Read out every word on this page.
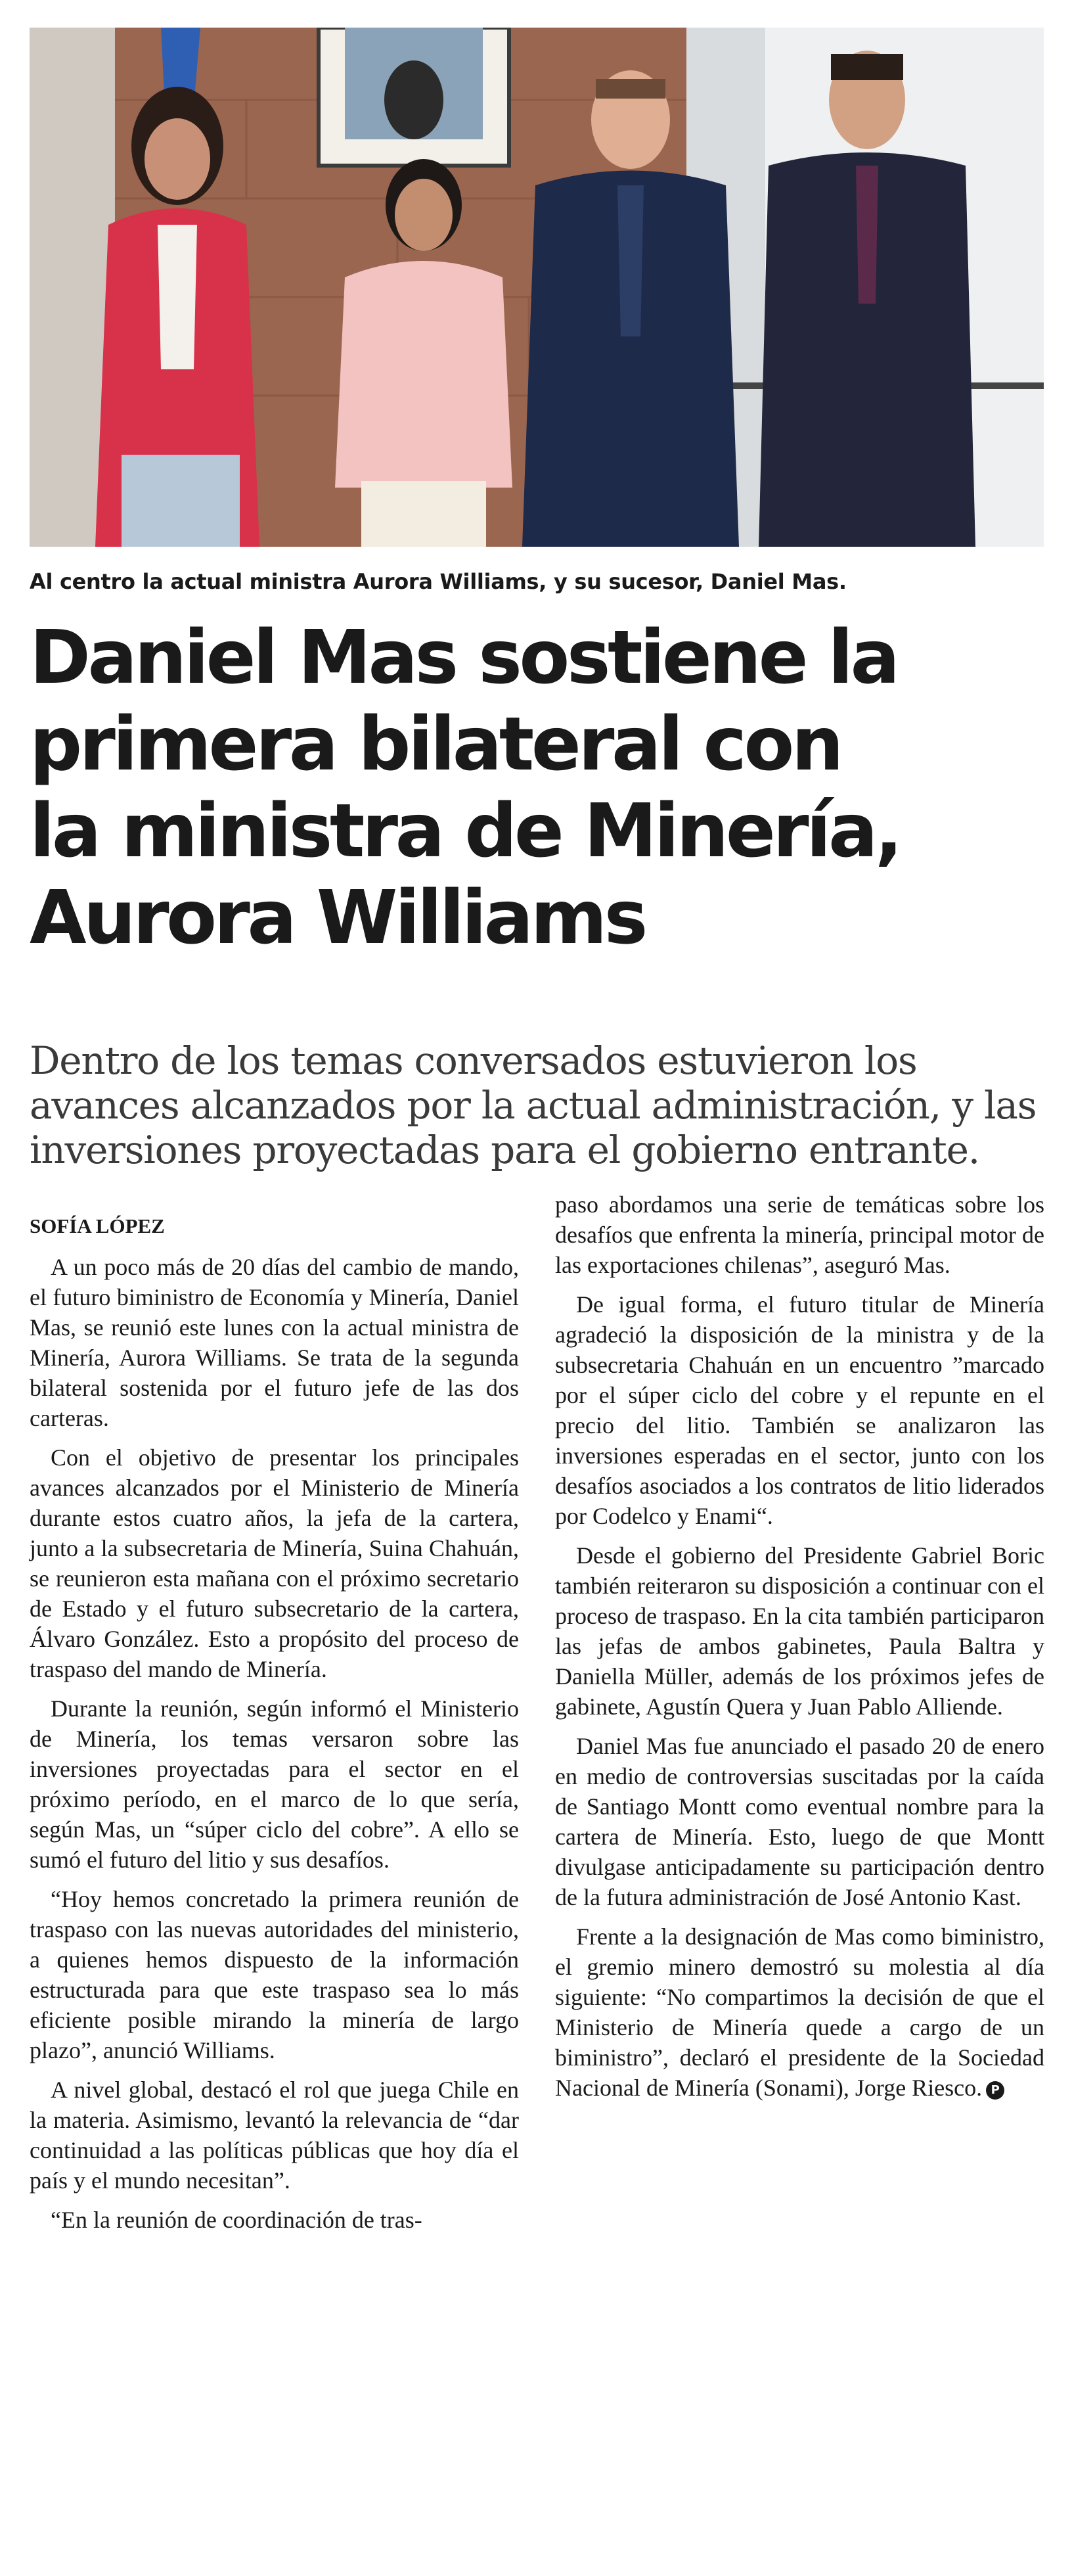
Al centro la actual ministra Aurora Williams, y su sucesor, Daniel Mas.
Daniel Mas sostiene la
primera bilateral con
la ministra de Minería,
Aurora Williams
Dentro de los temas conversados estuvieron los
avances alcanzados por la actual administración, y las
inversiones proyectadas para el gobierno entrante.
SOFÍA LÓPEZ

A un poco más de 20 días del cambio de mando, el futuro biministro de Economía y Minería, Daniel Mas, se reunió este lunes con la actual ministra de Minería, Aurora Williams. Se trata de la segunda bilateral sostenida por el futuro jefe de las dos carteras.

Con el objetivo de presentar los principales avances alcanzados por el Ministerio de Minería durante estos cuatro años, la jefa de la cartera, junto a la subsecretaria de Minería, Suina Chahuán, se reunieron esta mañana con el próximo secretario de Estado y el futuro subsecretario de la cartera, Álvaro González. Esto a propósito del proceso de traspaso del mando de Minería.

Durante la reunión, según informó el Ministerio de Minería, los temas versaron sobre las inversiones proyectadas para el sector en el próximo período, en el marco de lo que sería, según Mas, un “súper ciclo del cobre”. A ello se sumó el futuro del litio y sus desafíos.

“Hoy hemos concretado la primera reunión de traspaso con las nuevas autoridades del ministerio, a quienes hemos dispuesto de la información estructurada para que este traspaso sea lo más eficiente posible mirando la minería de largo plazo”, anunció Williams.

A nivel global, destacó el rol que juega Chile en la materia. Asimismo, levantó la relevancia de “dar continuidad a las políticas públicas que hoy día el país y el mundo necesitan”.

“En la reunión de coordinación de tras-

paso abordamos una serie de temáticas sobre los desafíos que enfrenta la minería, principal motor de las exportaciones chilenas”, aseguró Mas.

De igual forma, el futuro titular de Minería agradeció la disposición de la ministra y de la subsecretaria Chahuán en un encuentro ”marcado por el súper ciclo del cobre y el repunte en el precio del litio. También se analizaron las inversiones esperadas en el sector, junto con los desafíos asociados a los contratos de litio liderados por Codelco y Enami“.

Desde el gobierno del Presidente Gabriel Boric también reiteraron su disposición a continuar con el proceso de traspaso. En la cita también participaron las jefas de ambos gabinetes, Paula Baltra y Daniella Müller, además de los próximos jefes de gabinete, Agustín Quera y Juan Pablo Alliende.

Daniel Mas fue anunciado el pasado 20 de enero en medio de controversias suscitadas por la caída de Santiago Montt como eventual nombre para la cartera de Minería. Esto, luego de que Montt divulgase anticipadamente su participación dentro de la futura administración de José Antonio Kast.

Frente a la designación de Mas como biministro, el gremio minero demostró su molestia al día siguiente: “No compartimos la decisión de que el Ministerio de Minería quede a cargo de un biministro”, declaró el presidente de la Sociedad Nacional de Minería (Sonami), Jorge Riesco. P
